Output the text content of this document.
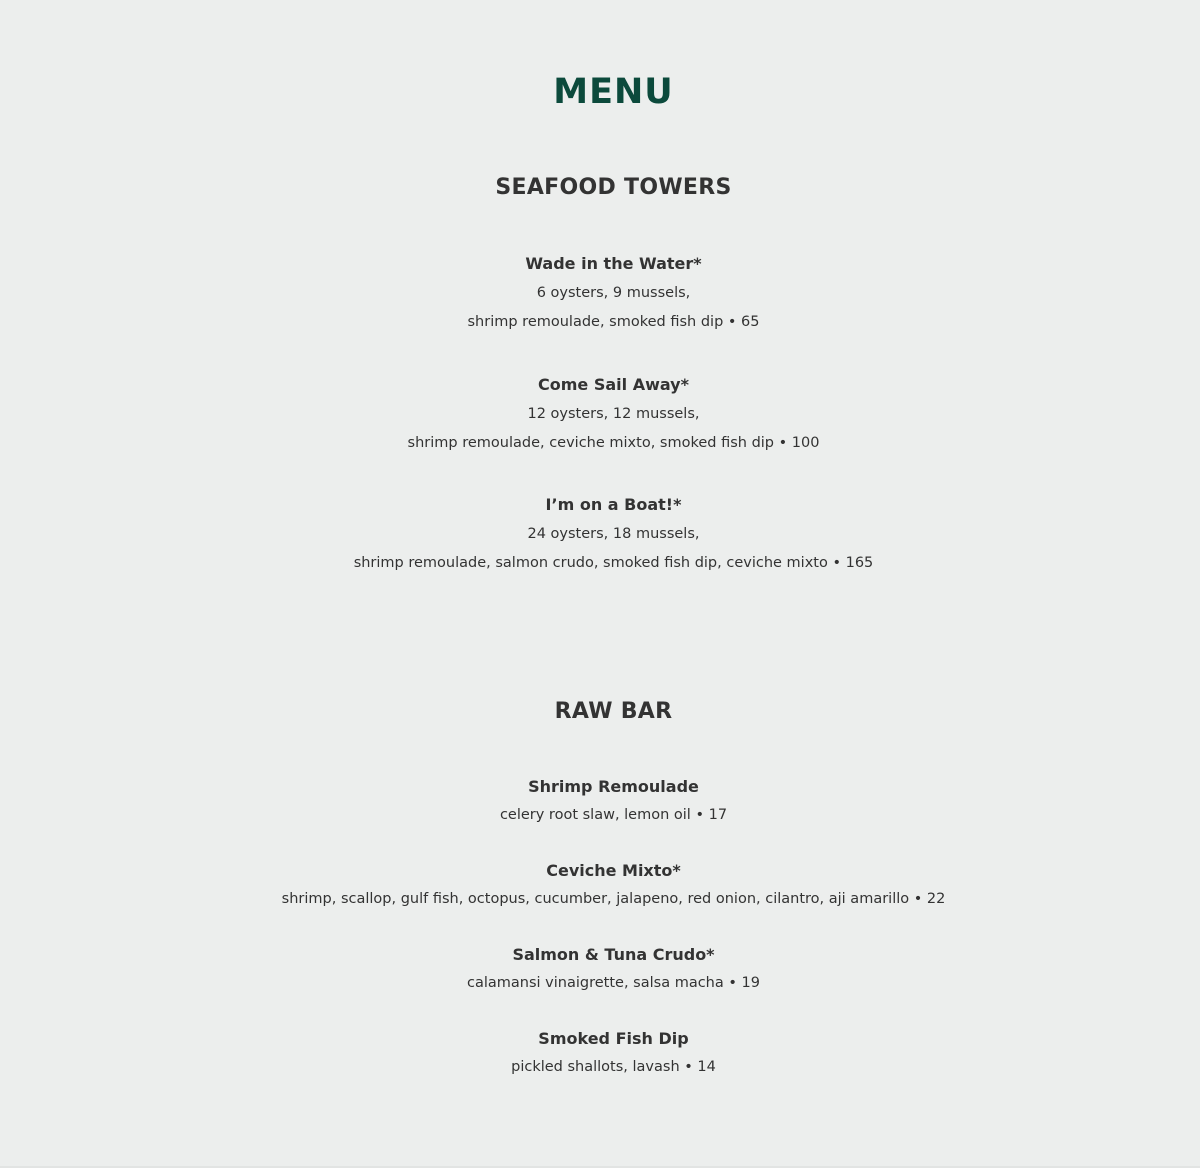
MENU
SEAFOOD TOWERS
Wade in the Water*
6 oysters, 9 mussels,
shrimp remoulade, smoked fish dip • 65
Come Sail Away*
12 oysters, 12 mussels,
shrimp remoulade, ceviche mixto, smoked fish dip • 100
I’m on a Boat!*
24 oysters, 18 mussels,
shrimp remoulade, salmon crudo, smoked fish dip, ceviche mixto • 165
RAW BAR
Shrimp Remoulade
celery root slaw, lemon oil • 17
Ceviche Mixto*
shrimp, scallop, gulf fish, octopus, cucumber, jalapeno, red onion, cilantro, aji amarillo • 22
Salmon & Tuna Crudo*
calamansi vinaigrette, salsa macha • 19
Smoked Fish Dip
pickled shallots, lavash • 14
